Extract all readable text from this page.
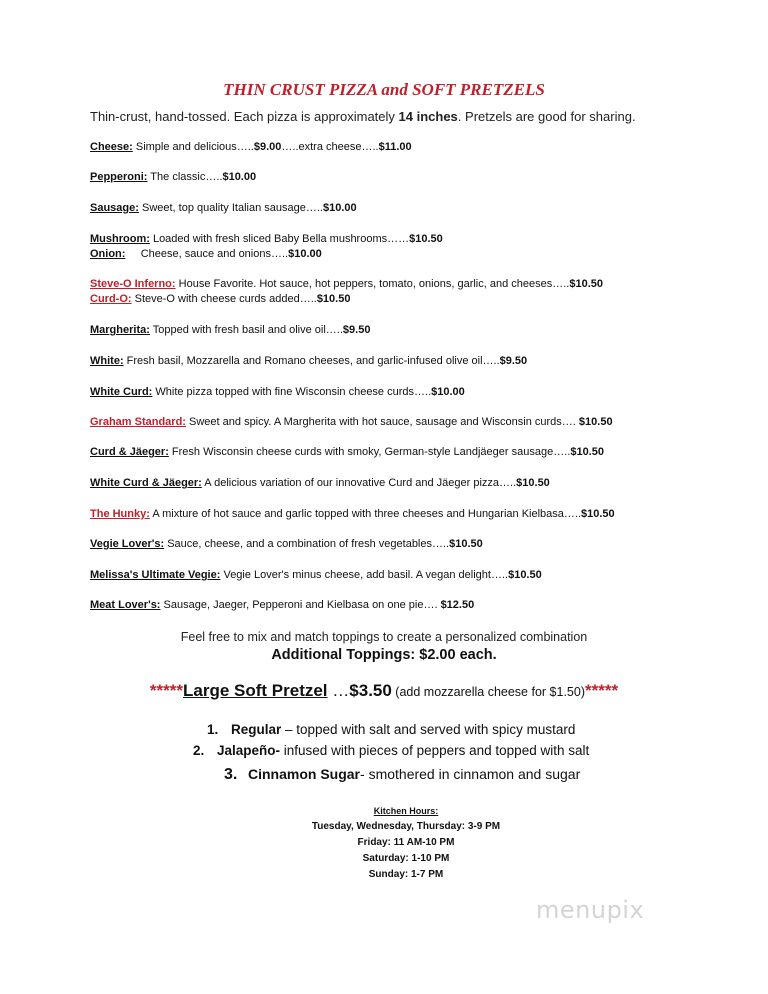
THIN CRUST PIZZA and SOFT PRETZELS
Thin-crust, hand-tossed. Each pizza is approximately 14 inches. Pretzels are good for sharing.
Cheese: Simple and delicious…..$9.00…..extra cheese…..$11.00
Pepperoni: The classic…..$10.00
Sausage: Sweet, top quality Italian sausage…..$10.00
Mushroom: Loaded with fresh sliced Baby Bella mushrooms……$10.50
Onion:     Cheese, sauce and onions…..$10.00
Steve-O Inferno: House Favorite. Hot sauce, hot peppers, tomato, onions, garlic, and cheeses…..$10.50
Curd-O: Steve-O with cheese curds added…..$10.50
Margherita: Topped with fresh basil and olive oil…..$9.50
White: Fresh basil, Mozzarella and Romano cheeses, and garlic-infused olive oil…..$9.50
White Curd: White pizza topped with fine Wisconsin cheese curds…..$10.00
Graham Standard: Sweet and spicy. A Margherita with hot sauce, sausage and Wisconsin curds…. $10.50
Curd & Jäeger: Fresh Wisconsin cheese curds with smoky, German-style Landjäeger sausage…..$10.50
White Curd & Jäeger: A delicious variation of our innovative Curd and Jäeger pizza…..$10.50
The Hunky: A mixture of hot sauce and garlic topped with three cheeses and Hungarian Kielbasa…..$10.50
Vegie Lover's: Sauce, cheese, and a combination of fresh vegetables…..$10.50
Melissa's Ultimate Vegie: Vegie Lover's minus cheese, add basil. A vegan delight…..$10.50
Meat Lover's: Sausage, Jaeger, Pepperoni and Kielbasa on one pie…. $12.50
Feel free to mix and match toppings to create a personalized combination
Additional Toppings: $2.00 each.
*****Large Soft Pretzel …$3.50 (add mozzarella cheese for $1.50)*****
1. Regular – topped with salt and served with spicy mustard
2. Jalapeño- infused with pieces of peppers and topped with salt
3. Cinnamon Sugar- smothered in cinnamon and sugar
Kitchen Hours:
Tuesday, Wednesday, Thursday: 3-9 PM
Friday: 11 AM-10 PM
Saturday: 1-10 PM
Sunday: 1-7 PM
menupix
